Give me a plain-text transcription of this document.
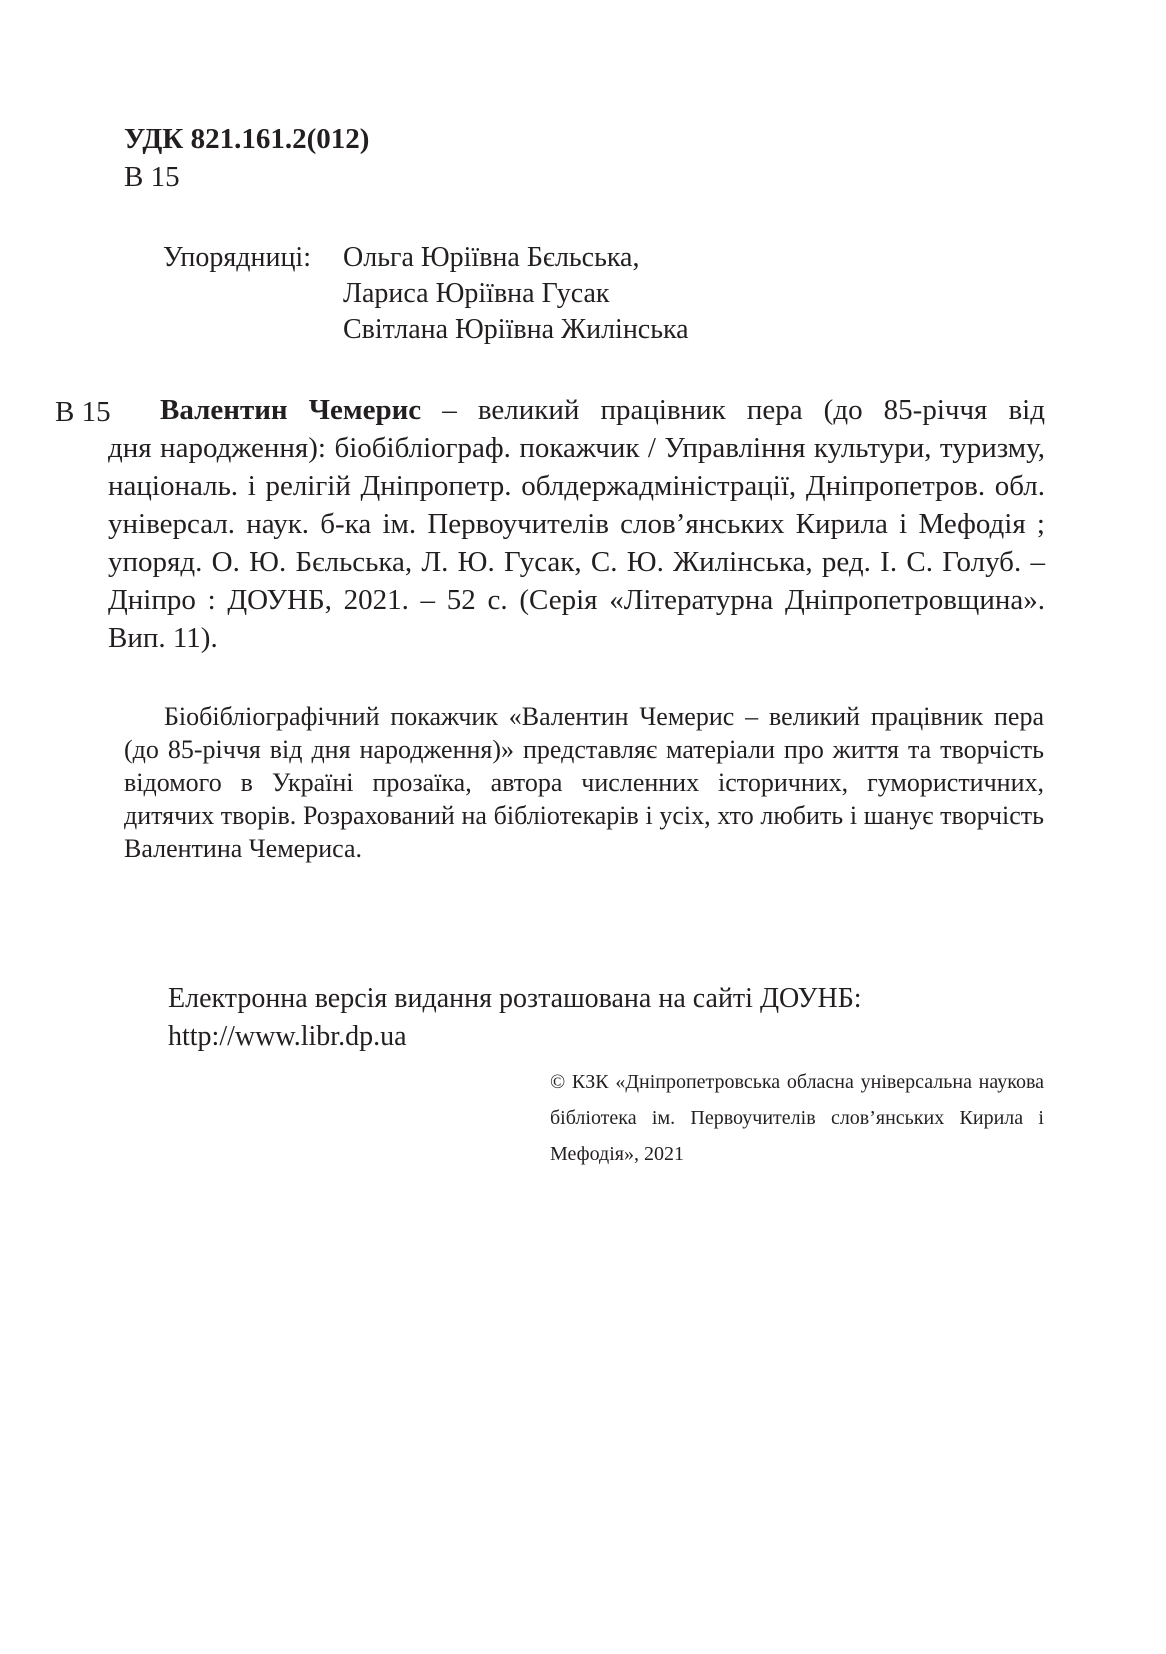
УДК 821.161.2(012)
В 15
Упорядниці:	Ольга Юріївна Бєльська,
Лариса Юріївна Гусак
Світлана Юріївна Жилінська
В 15 Валентин Чемерис – великий працівник пера (до 85-річчя від
дня народження): біобібліограф. покажчик / Управління культури, туризму, національ. і релігій Дніпропетр. облдержадміністрації, Дніпропетров. обл. універсал. наук. б-ка ім. Первоучителів слов’янських Кирила і Мефодія ; упоряд. О. Ю. Бєльська, Л. Ю. Гусак, С. Ю. Жилінська, ред. І. С. Голуб. – Дніпро : ДОУНБ, 2021. – 52 с. (Серія «Літературна Дніпропетровщина». Вип. 11).
Біобібліографічний покажчик «Валентин Чемерис – великий працівник пера (до 85-річчя від дня народження)» представляє матеріали про життя та творчість відомого в Україні прозаїка, автора численних історичних, гумористичних, дитячих творів. Розрахований на бібліотекарів і усіх, хто любить і шанує творчість Валентина Чемериса.
Електронна версія видання розташована на сайті ДОУНБ:
http://www.libr.dp.ua
© КЗК «Дніпропетровська обласна універсальна наукова бібліотека ім. Первоучителів слов’янських Кирила і Мефодія», 2021
